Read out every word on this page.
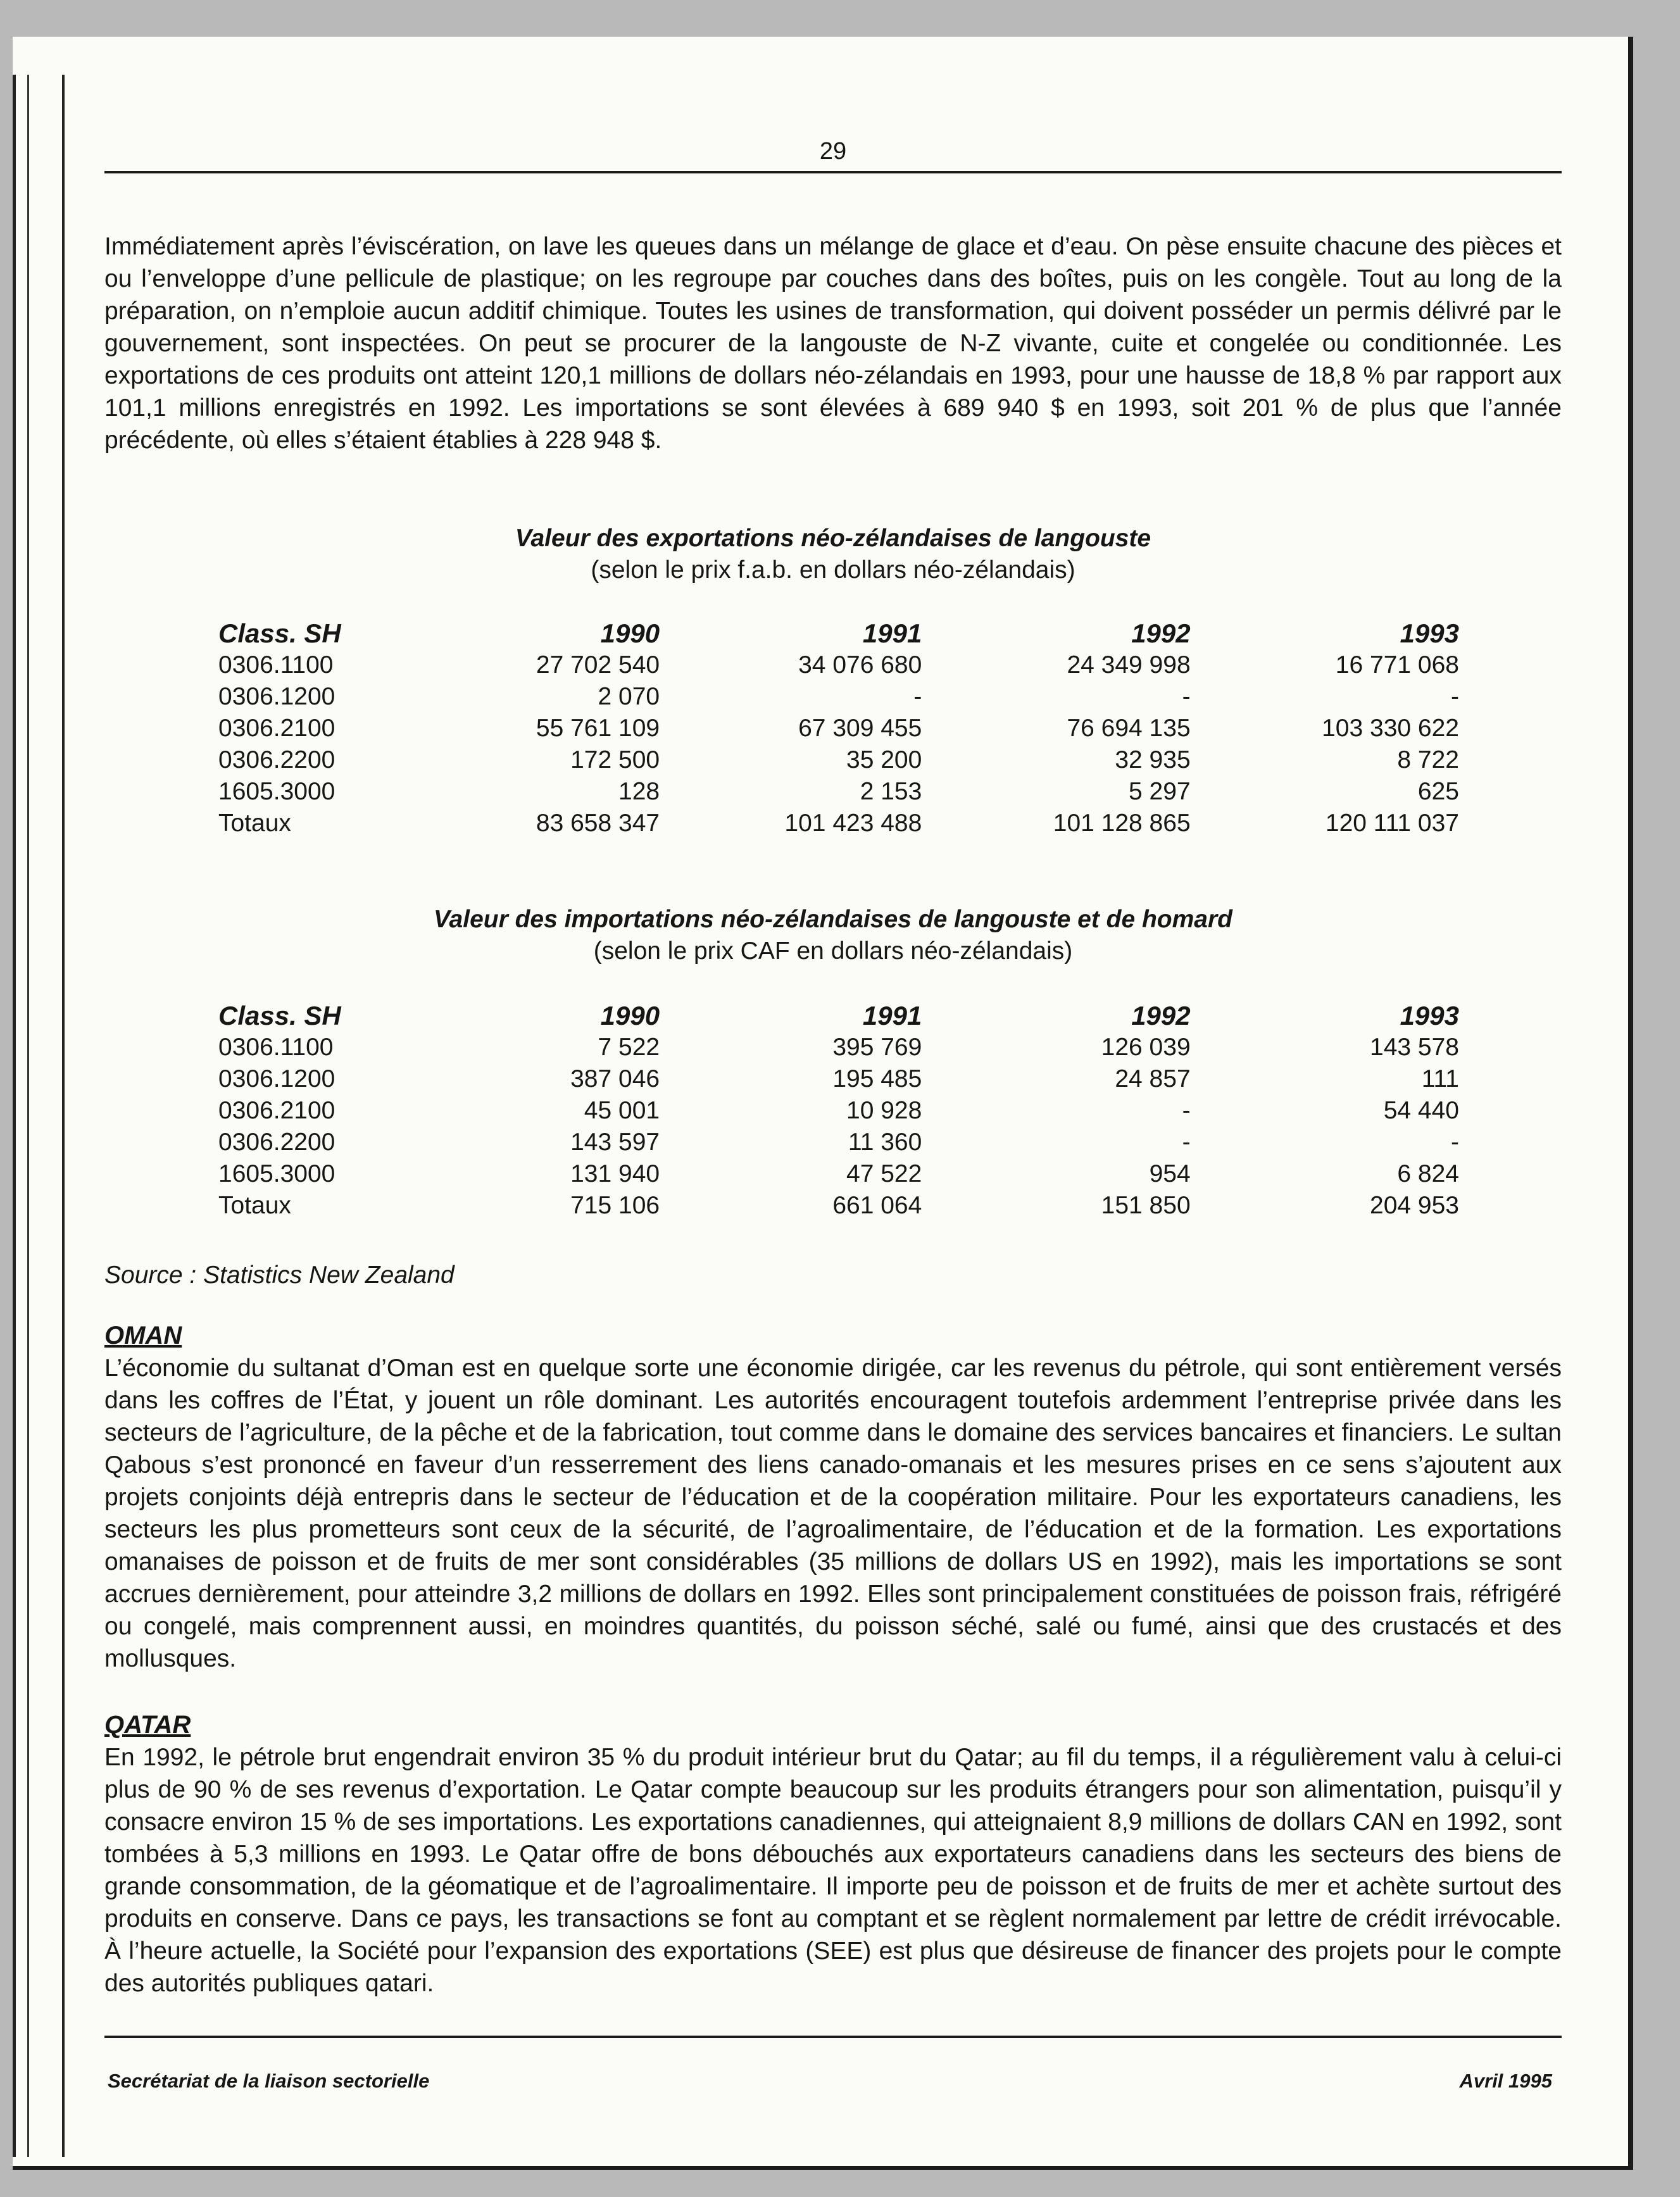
29

Immédiatement après l’éviscération, on lave les queues dans un mélange de glace et d’eau. On pèse ensuite chacune des pièces et ou l’enveloppe d’une pellicule de plastique; on les regroupe par couches dans des boîtes, puis on les congèle. Tout au long de la préparation, on n’emploie aucun additif chimique. Toutes les usines de transformation, qui doivent posséder un permis délivré par le gouvernement, sont inspectées. On peut se procurer de la langouste de N-Z vivante, cuite et congelée ou conditionnée. Les exportations de ces produits ont atteint 120,1 millions de dollars néo-zélandais en 1993, pour une hausse de 18,8 % par rapport aux 101,1 millions enregistrés en 1992. Les importations se sont élevées à 689 940 $ en 1993, soit 201 % de plus que l’année précédente, où elles s’étaient établies à 228 948 $.

Valeur des exportations néo-zélandaises de langouste
(selon le prix f.a.b. en dollars néo-zélandais)
Class. SH	1990	1991	1992	1993
0306.1100	27 702 540	34 076 680	24 349 998	16 771 068
0306.1200	2 070	-	-	-
0306.2100	55 761 109	67 309 455	76 694 135	103 330 622
0306.2200	172 500	35 200	32 935	8 722
1605.3000	128	2 153	5 297	625
Totaux	83 658 347	101 423 488	101 128 865	120 111 037
Valeur des importations néo-zélandaises de langouste et de homard
(selon le prix CAF en dollars néo-zélandais)
Class. SH	1990	1991	1992	1993
0306.1100	7 522	395 769	126 039	143 578
0306.1200	387 046	195 485	24 857	111
0306.2100	45 001	10 928	-	54 440
0306.2200	143 597	11 360	-	-
1605.3000	131 940	47 522	954	6 824
Totaux	715 106	661 064	151 850	204 953
Source : Statistics New Zealand
OMAN

L’économie du sultanat d’Oman est en quelque sorte une économie dirigée, car les revenus du pétrole, qui sont entièrement versés dans les coffres de l’État, y jouent un rôle dominant. Les autorités encouragent toutefois ardemment l’entreprise privée dans les secteurs de l’agriculture, de la pêche et de la fabrication, tout comme dans le domaine des services bancaires et financiers. Le sultan Qabous s’est prononcé en faveur d’un resserrement des liens canado-omanais et les mesures prises en ce sens s’ajoutent aux projets conjoints déjà entrepris dans le secteur de l’éducation et de la coopération militaire. Pour les exportateurs canadiens, les secteurs les plus prometteurs sont ceux de la sécurité, de l’agroalimentaire, de l’éducation et de la formation. Les exportations omanaises de poisson et de fruits de mer sont considérables (35 millions de dollars US en 1992), mais les importations se sont accrues dernièrement, pour atteindre 3,2 millions de dollars en 1992. Elles sont principalement constituées de poisson frais, réfrigéré ou congelé, mais comprennent aussi, en moindres quantités, du poisson séché, salé ou fumé, ainsi que des crustacés et des mollusques.

QATAR

En 1992, le pétrole brut engendrait environ 35 % du produit intérieur brut du Qatar; au fil du temps, il a régulièrement valu à celui-ci plus de 90 % de ses revenus d’exportation. Le Qatar compte beaucoup sur les produits étrangers pour son alimentation, puisqu’il y consacre environ 15 % de ses importations. Les exportations canadiennes, qui atteignaient 8,9 millions de dollars CAN en 1992, sont tombées à 5,3 millions en 1993. Le Qatar offre de bons débouchés aux exportateurs canadiens dans les secteurs des biens de grande consommation, de la géomatique et de l’agroalimentaire. Il importe peu de poisson et de fruits de mer et achète surtout des produits en conserve. Dans ce pays, les transactions se font au comptant et se règlent normalement par lettre de crédit irrévocable. À l’heure actuelle, la Société pour l’expansion des exportations (SEE) est plus que désireuse de financer des projets pour le compte des autorités publiques qatari.

Secrétariat de la liaison sectorielle	Avril 1995
